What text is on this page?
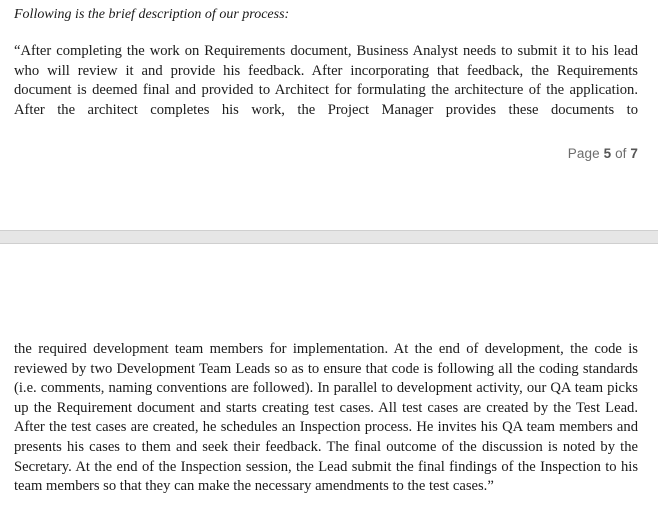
Following is the brief description of our process:

“After completing the work on Requirements document, Business Analyst needs to submit it to his lead who will review it and provide his feedback. After incorporating that feedback, the Requirements document is deemed final and provided to Architect for formulating the architecture of the application. After the architect completes his work, the Project Manager provides these documents to

Page 5 of 7

the required development team members for implementation. At the end of development, the code is reviewed by two Development Team Leads so as to ensure that code is following all the coding standards (i.e. comments, naming conventions are followed). In parallel to development activity, our QA team picks up the Requirement document and starts creating test cases. All test cases are created by the Test Lead. After the test cases are created, he schedules an Inspection process. He invites his QA team members and presents his cases to them and seek their feedback. The final outcome of the discussion is noted by the Secretary. At the end of the Inspection session, the Lead submit the final findings of the Inspection to his team members so that they can make the necessary amendments to the test cases.”
